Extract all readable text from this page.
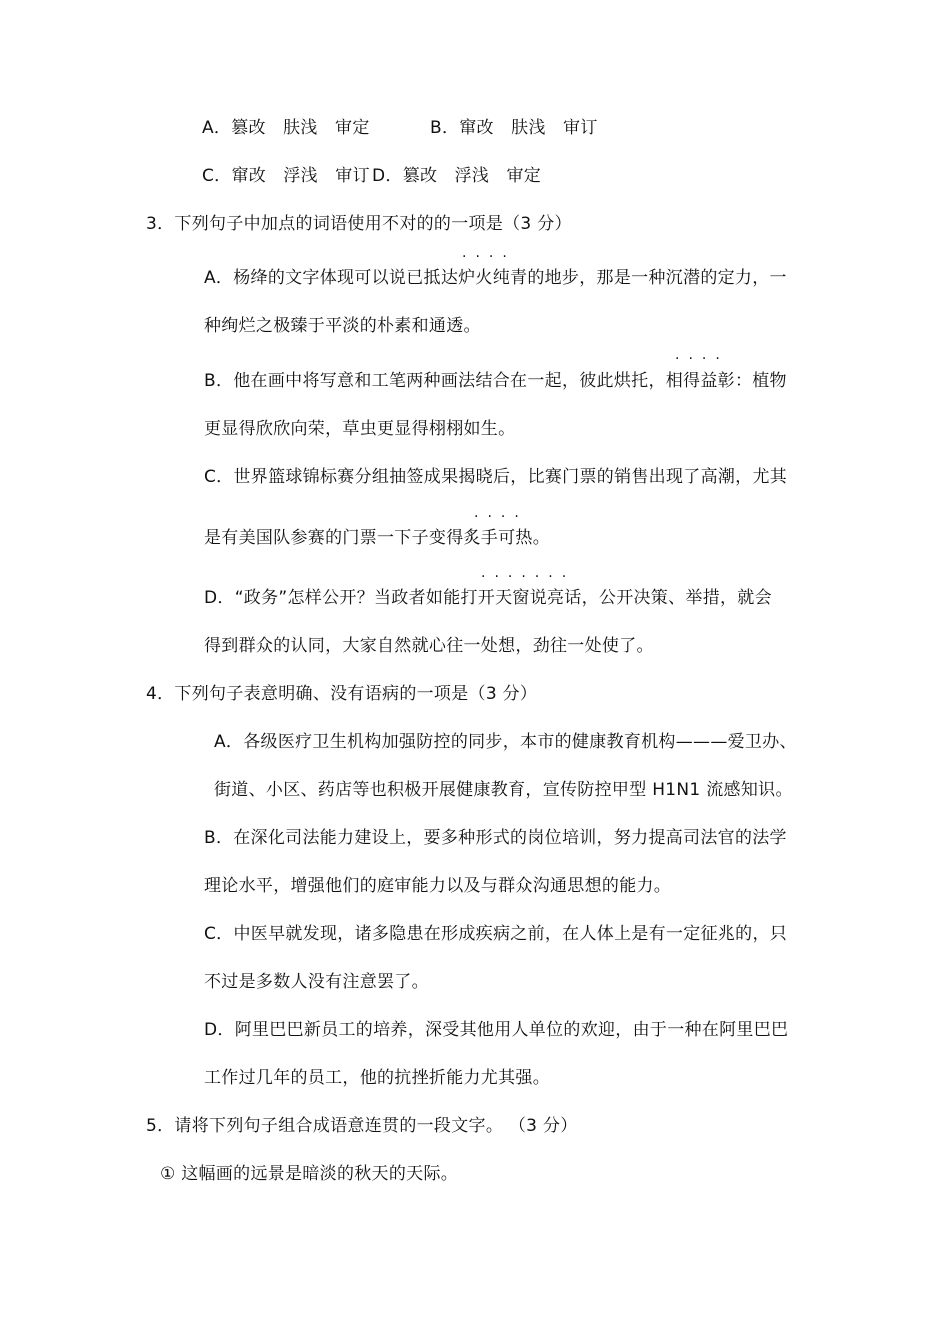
A．篡改　肤浅　审定	B．窜改　肤浅　审订
C．窜改　浮浅　审订 D．篡改　浮浅　审定
3．下列句子中加点的词语使用不对的的一项是（3 分）
····
A．杨绛的文字体现可以说已抵达炉火纯青的地步，那是一种沉潜的定力，一
种绚烂之极臻于平淡的朴素和通透。
····
B．他在画中将写意和工笔两种画法结合在一起，彼此烘托，相得益彰：植物
更显得欣欣向荣，草虫更显得栩栩如生。
C．世界篮球锦标赛分组抽签成果揭晓后，比赛门票的销售出现了高潮，尤其
····
是有美国队参赛的门票一下子变得炙手可热。
·······
D．“政务”怎样公开？当政者如能打开天窗说亮话，公开决策、举措，就会
得到群众的认同，大家自然就心往一处想，劲往一处使了。
4．下列句子表意明确、没有语病的一项是（3 分）
A．各级医疗卫生机构加强防控的同步，本市的健康教育机构———爱卫办、
街道、小区、药店等也积极开展健康教育，宣传防控甲型 H1N1 流感知识。
B．在深化司法能力建设上，要多种形式的岗位培训，努力提高司法官的法学
理论水平，增强他们的庭审能力以及与群众沟通思想的能力。
C．中医早就发现，诸多隐患在形成疾病之前，在人体上是有一定征兆的，只
不过是多数人没有注意罢了。
D．阿里巴巴新员工的培养，深受其他用人单位的欢迎，由于一种在阿里巴巴
工作过几年的员工，他的抗挫折能力尤其强。
5．请将下列句子组合成语意连贯的一段文字。 （3 分）
① 这幅画的远景是暗淡的秋天的天际。
